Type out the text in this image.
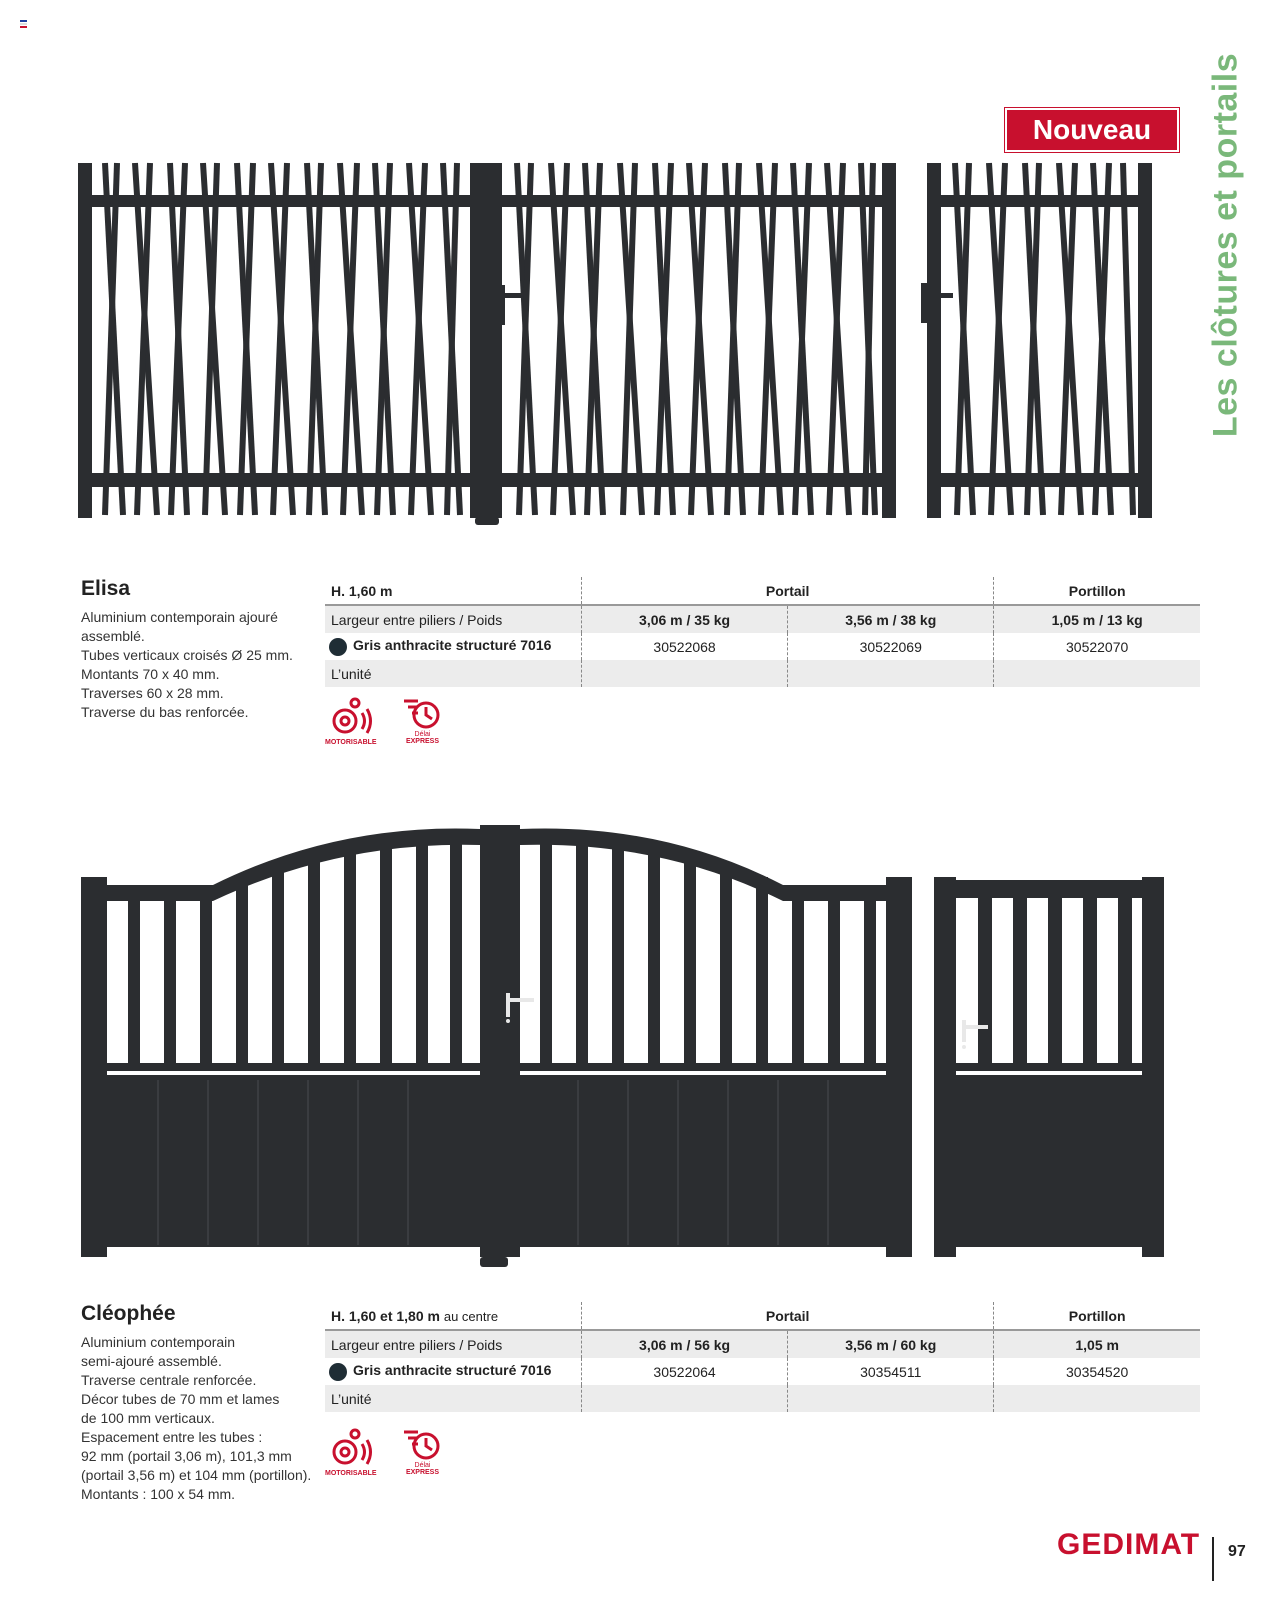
Les clôtures et portails
Nouveau
Elisa
Aluminium contemporain ajouré
assemblé.
Tubes verticaux croisés Ø 25 mm.
Montants 70 x 40 mm.
Traverses 60 x 28 mm.
Traverse du bas renforcée.
H. 1,60 m	Portail		Portillon
Largeur entre piliers / Poids	3,06 m / 35 kg	3,56 m / 38 kg	1,05 m / 13 kg
Gris anthracite structuré 7016	30522068	30522069	30522070
L’unité			
MOTORISABLE
Délai
EXPRESS
Cléophée
Aluminium contemporain
semi-ajouré assemblé.
Traverse centrale renforcée.
Décor tubes de 70 mm et lames
de 100 mm verticaux.
Espacement entre les tubes :
92 mm (portail 3,06 m), 101,3 mm
(portail 3,56 m) et 104 mm (portillon).
Montants : 100 x 54 mm.
H. 1,60 et 1,80 m au centre	Portail		Portillon
Largeur entre piliers / Poids	3,06 m / 56 kg	3,56 m / 60 kg	1,05 m
Gris anthracite structuré 7016	30522064	30354511	30354520
L’unité			
MOTORISABLE
Délai
EXPRESS
GEDIMAT 97
